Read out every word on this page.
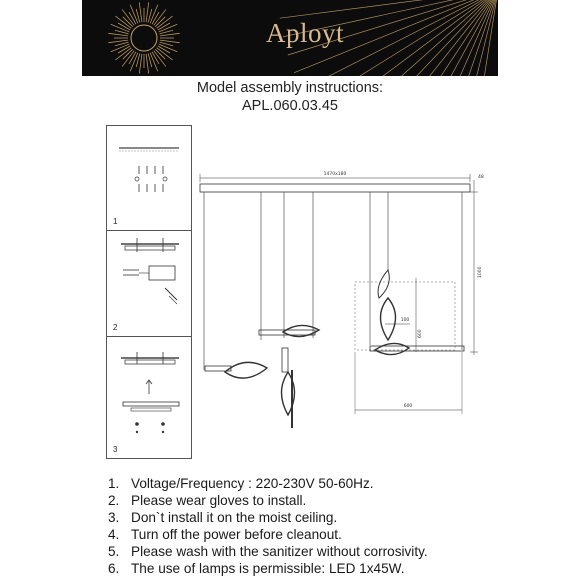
Aployt
Model assembly instructions:
APL.060.03.45
1
2
3
1470x180
48
1000
100
600
600
1. Voltage/Frequency : 220-230V 50-60Hz.
2. Please wear gloves to install.
3. Don`t install it on the moist ceiling.
4. Turn off the power before cleanout.
5. Please wash with the sanitizer without corrosivity.
6. The use of lamps is permissible: LED 1x45W.
